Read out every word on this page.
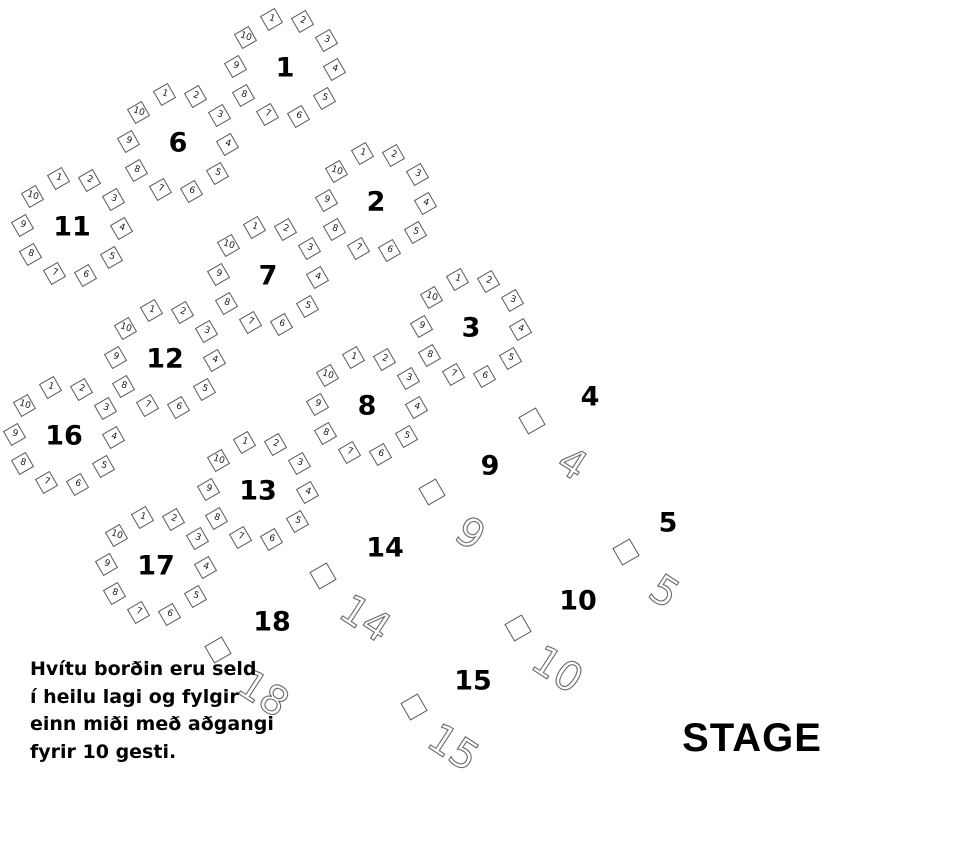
1
1 2
3
4
5
6
7
8
9
10
2
1 2
3
4
5
6
7
8
9
10
3
1 2
3
4
5
6
7
8
9
10
6
1 2
3
4
5
6
7
8
9
10
7
1 2
3
4
5
6
7
8
9
10
8
1 2
3
4
5
6
7
8
9
10
11
1 2
3
4
5
6
7
8
9
10
12
1 2
3
4
5
6
7
8
9
10
13
1 2
3
4
5
6
7
8
9
10
16
1 2
3
4
5
6
7
8
9
10
17
1 2
3
4
5
6
7
8
9
10
4
4
5
5
9
9
10
10
14
14
15
15
18
18
Hvítu borðin eru seld
í heilu lagi og fylgir
einn miði með aðgangi
fyrir 10 gesti.	STAGE
